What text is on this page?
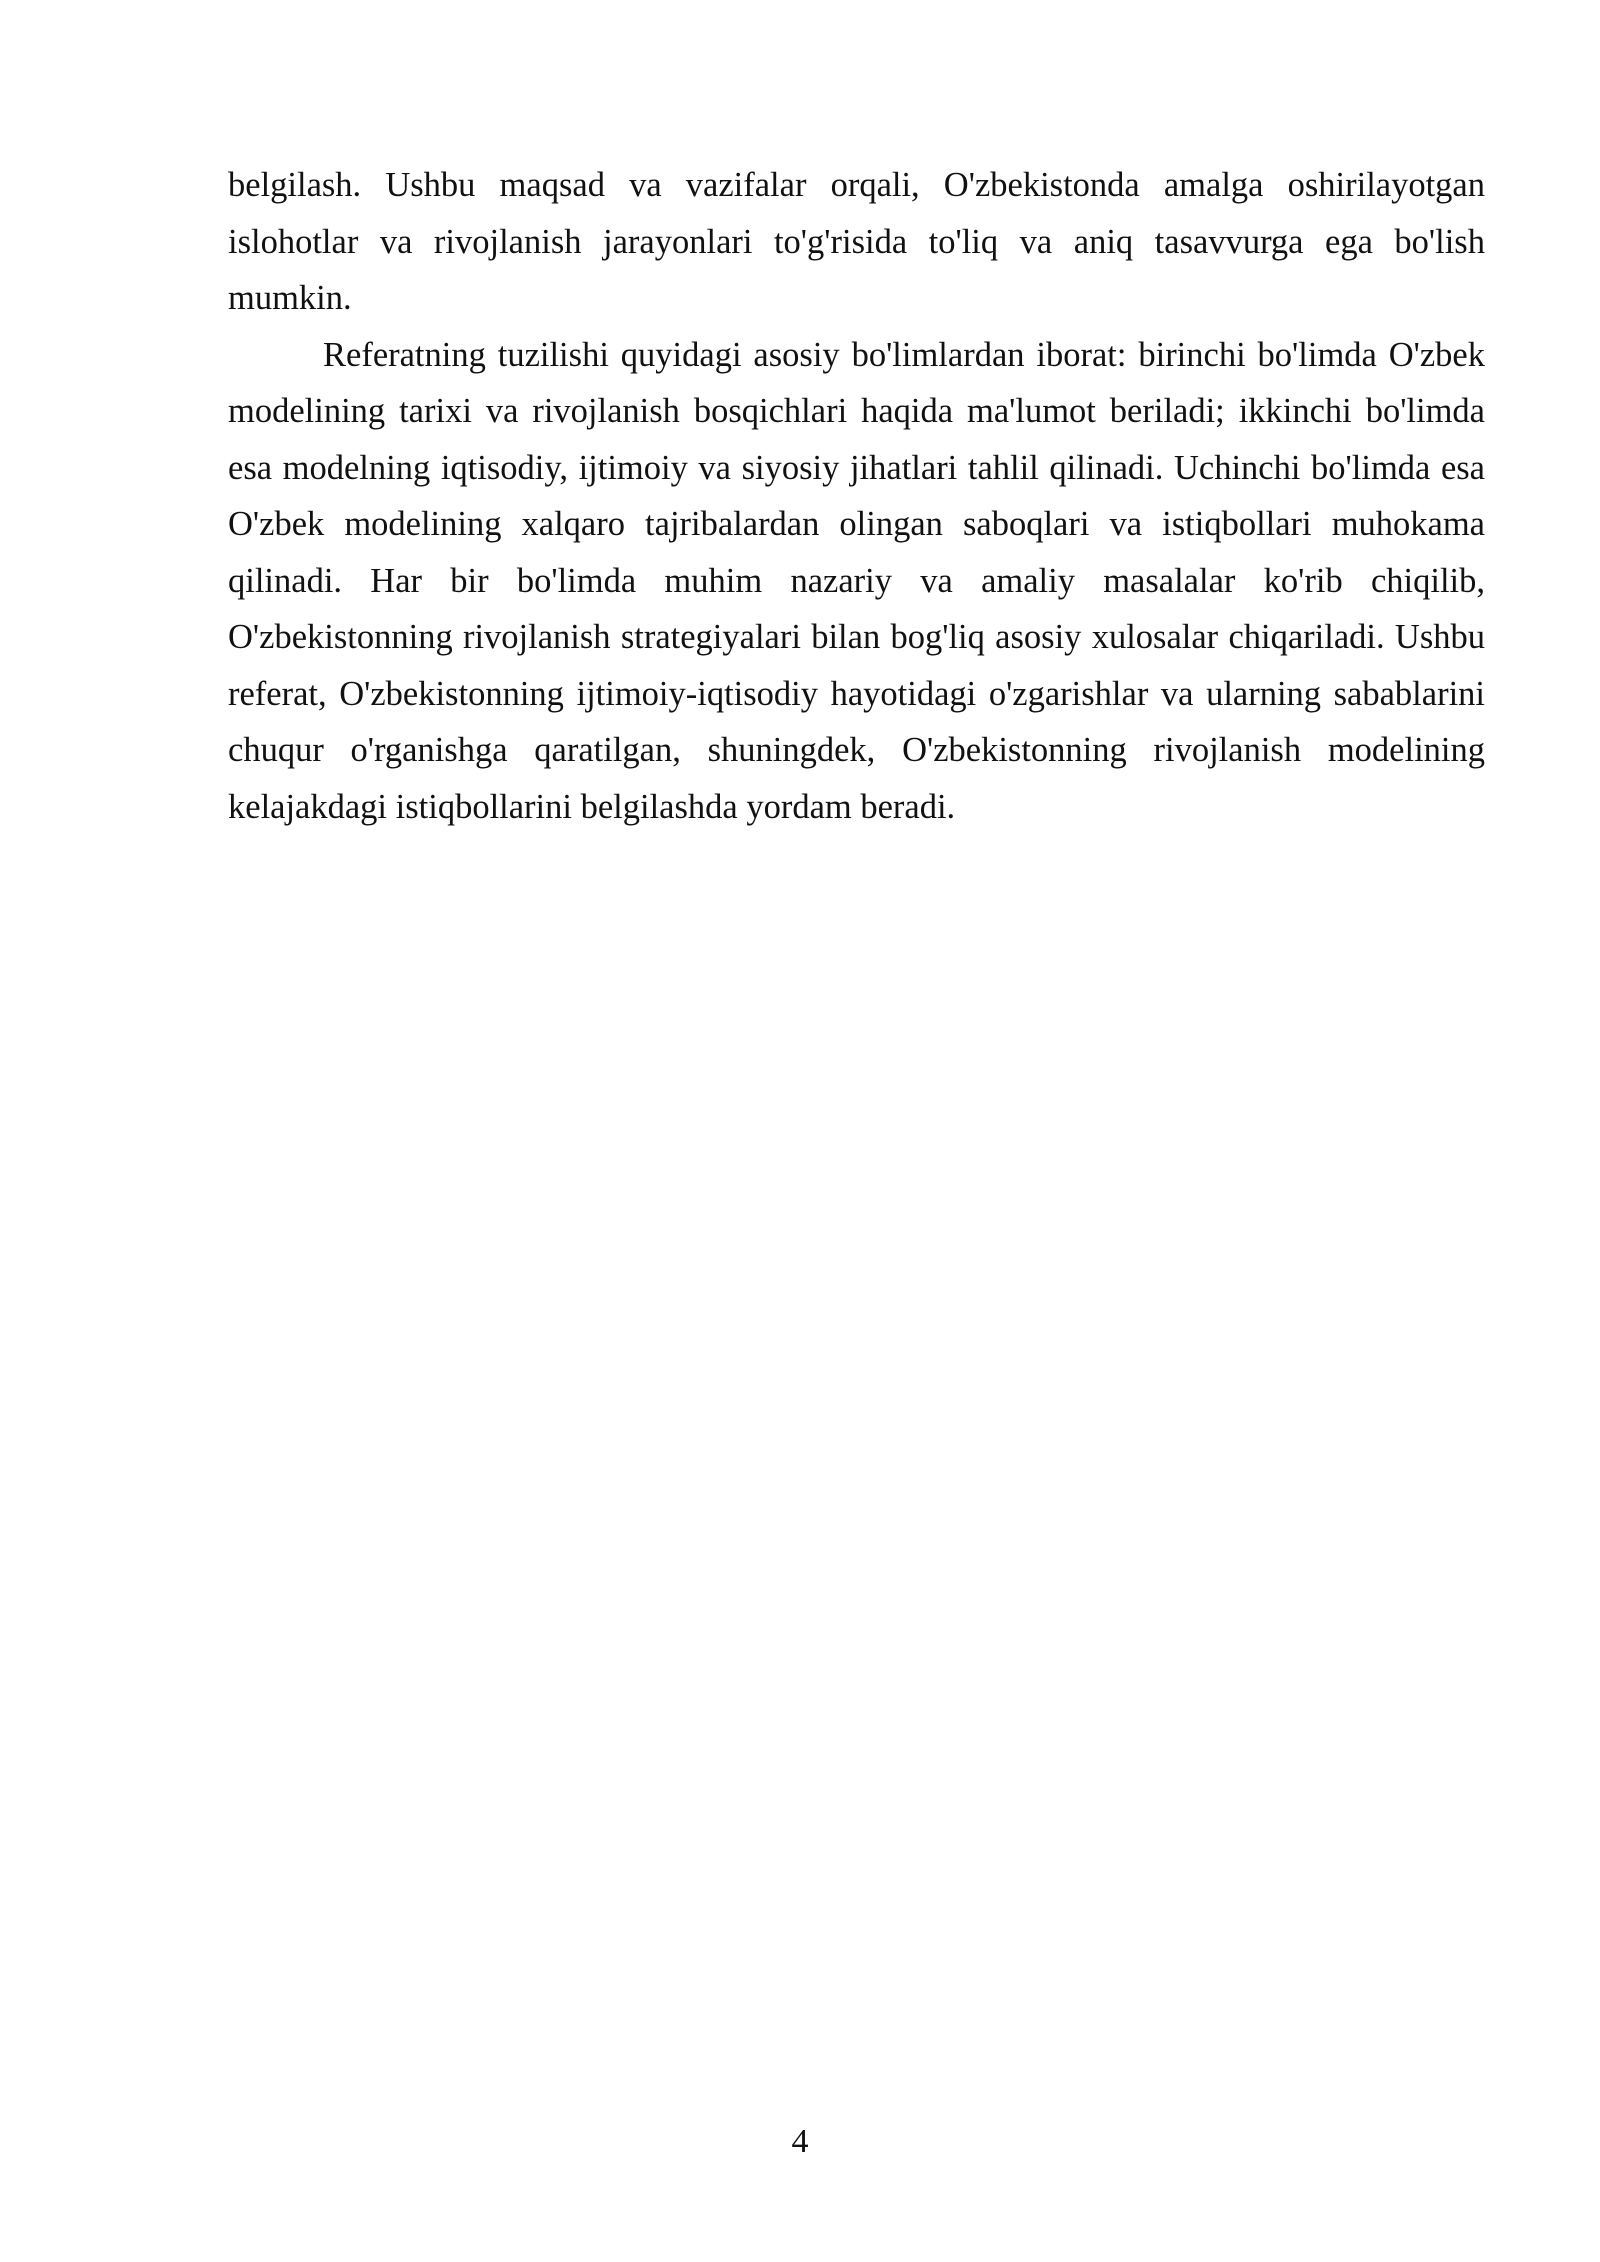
belgilash. Ushbu maqsad va vazifalar orqali, O'zbekistonda amalga oshirilayotgan islohotlar va rivojlanish jarayonlari to'g'risida to'liq va aniq tasavvurga ega bo'lish mumkin.

Referatning tuzilishi quyidagi asosiy bo'limlardan iborat: birinchi bo'limda O'zbek modelining tarixi va rivojlanish bosqichlari haqida ma'lumot beriladi; ikkinchi bo'limda esa modelning iqtisodiy, ijtimoiy va siyosiy jihatlari tahlil qilinadi. Uchinchi bo'limda esa O'zbek modelining xalqaro tajribalardan olingan saboqlari va istiqbollari muhokama qilinadi. Har bir bo'limda muhim nazariy va amaliy masalalar ko'rib chiqilib, O'zbekistonning rivojlanish strategiyalari bilan bog'liq asosiy xulosalar chiqariladi. Ushbu referat, O'zbekistonning ijtimoiy-iqtisodiy hayotidagi o'zgarishlar va ularning sabablarini chuqur o'rganishga qaratilgan, shuningdek, O'zbekistonning rivojlanish modelining kelajakdagi istiqbollarini belgilashda yordam beradi.

4
